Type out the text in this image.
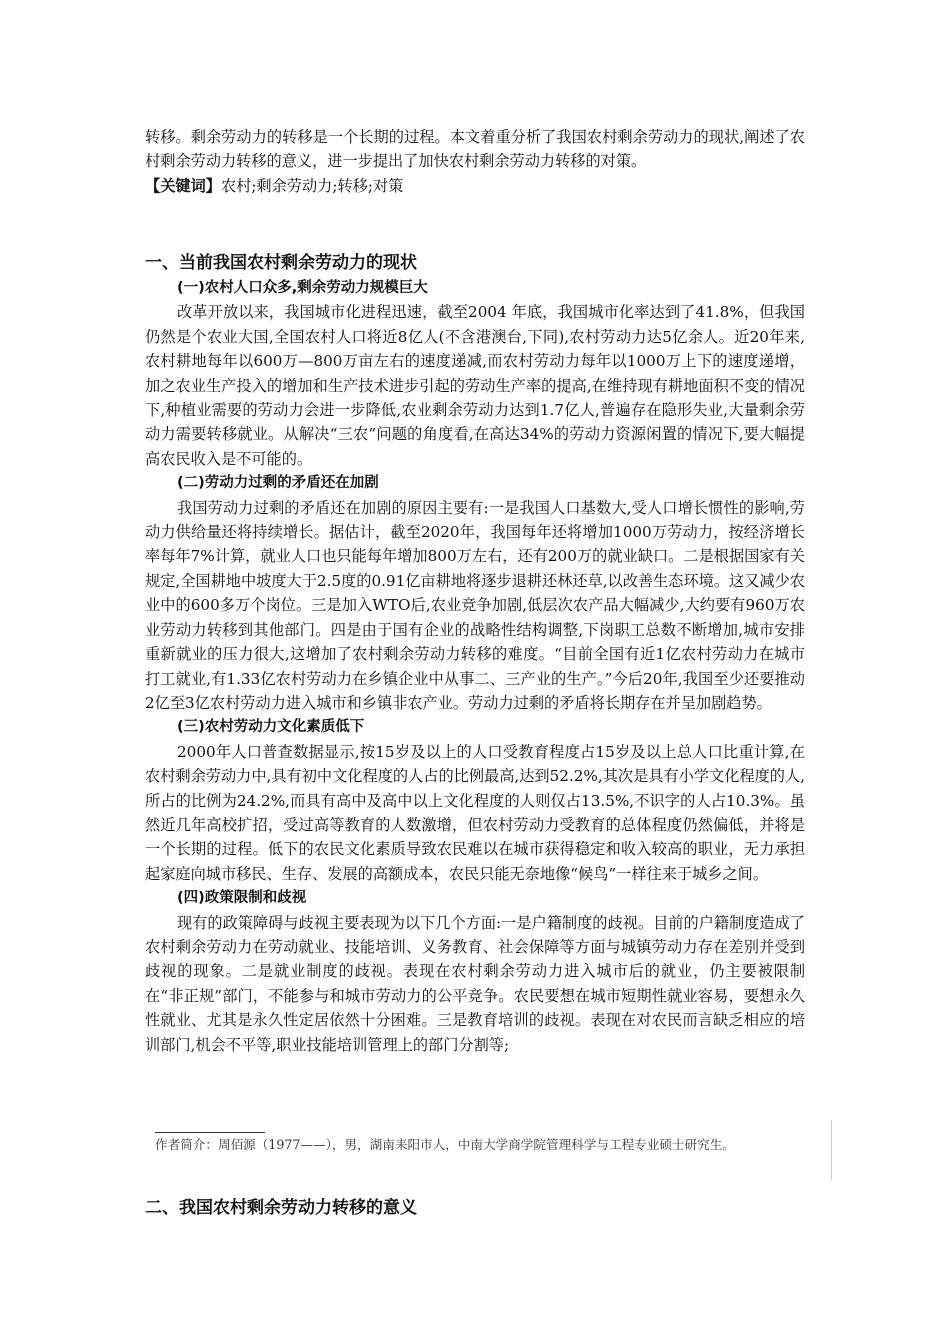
转移。剩余劳动力的转移是一个长期的过程。本文着重分析了我国农村剩余劳动力的现状,阐述了农村剩余劳动力转移的意义，进一步提出了加快农村剩余劳动力转移的对策。

【关键词】农村;剩余劳动力;转移;对策

一、当前我国农村剩余劳动力的现状

(一)农村人口众多,剩余劳动力规模巨大

改革开放以来，我国城市化进程迅速，截至2004 年底，我国城市化率达到了41.8%，但我国仍然是个农业大国,全国农村人口将近8亿人(不含港澳台,下同),农村劳动力达5亿余人。近20年来,农村耕地每年以600万—800万亩左右的速度递减,而农村劳动力每年以1000万上下的速度递增，加之农业生产投入的增加和生产技术进步引起的劳动生产率的提高,在维持现有耕地面积不变的情况下,种植业需要的劳动力会进一步降低,农业剩余劳动力达到1.7亿人,普遍存在隐形失业,大量剩余劳动力需要转移就业。从解决“三农”问题的角度看,在高达34%的劳动力资源闲置的情况下,要大幅提高农民收入是不可能的。

(二)劳动力过剩的矛盾还在加剧

我国劳动力过剩的矛盾还在加剧的原因主要有:一是我国人口基数大,受人口增长惯性的影响,劳动力供给量还将持续增长。据估计，截至2020年，我国每年还将增加1000万劳动力，按经济增长率每年7%计算，就业人口也只能每年增加800万左右，还有200万的就业缺口。二是根据国家有关规定,全国耕地中坡度大于2.5度的0.91亿亩耕地将逐步退耕还林还草,以改善生态环境。这又减少农业中的600多万个岗位。三是加入WTO后,农业竞争加剧,低层次农产品大幅减少,大约要有960万农业劳动力转移到其他部门。四是由于国有企业的战略性结构调整,下岗职工总数不断增加,城市安排重新就业的压力很大,这增加了农村剩余劳动力转移的难度。“目前全国有近1亿农村劳动力在城市打工就业,有1.33亿农村劳动力在乡镇企业中从事二、三产业的生产。”今后20年,我国至少还要推动2亿至3亿农村劳动力进入城市和乡镇非农产业。劳动力过剩的矛盾将长期存在并呈加剧趋势。

(三)农村劳动力文化素质低下

2000年人口普查数据显示,按15岁及以上的人口受教育程度占15岁及以上总人口比重计算,在农村剩余劳动力中,具有初中文化程度的人占的比例最高,达到52.2%,其次是具有小学文化程度的人,所占的比例为24.2%,而具有高中及高中以上文化程度的人则仅占13.5%,不识字的人占10.3%。虽然近几年高校扩招，受过高等教育的人数激增，但农村劳动力受教育的总体程度仍然偏低，并将是一个长期的过程。低下的农民文化素质导致农民难以在城市获得稳定和收入较高的职业，无力承担起家庭向城市移民、生存、发展的高额成本，农民只能无奈地像“候鸟”一样往来于城乡之间。

(四)政策限制和歧视

现有的政策障碍与歧视主要表现为以下几个方面:一是户籍制度的歧视。目前的户籍制度造成了农村剩余劳动力在劳动就业、技能培训、义务教育、社会保障等方面与城镇劳动力存在差别并受到歧视的现象。二是就业制度的歧视。表现在农村剩余劳动力进入城市后的就业，仍主要被限制在“非正规”部门，不能参与和城市劳动力的公平竞争。农民要想在城市短期性就业容易，要想永久性就业、尤其是永久性定居依然十分困难。三是教育培训的歧视。表现在对农民而言缺乏相应的培训部门,机会不平等,职业技能培训管理上的部门分割等;

作者简介：周佰源（1977——），男，湖南耒阳市人，中南大学商学院管理科学与工程专业硕士研究生。

二、我国农村剩余劳动力转移的意义
